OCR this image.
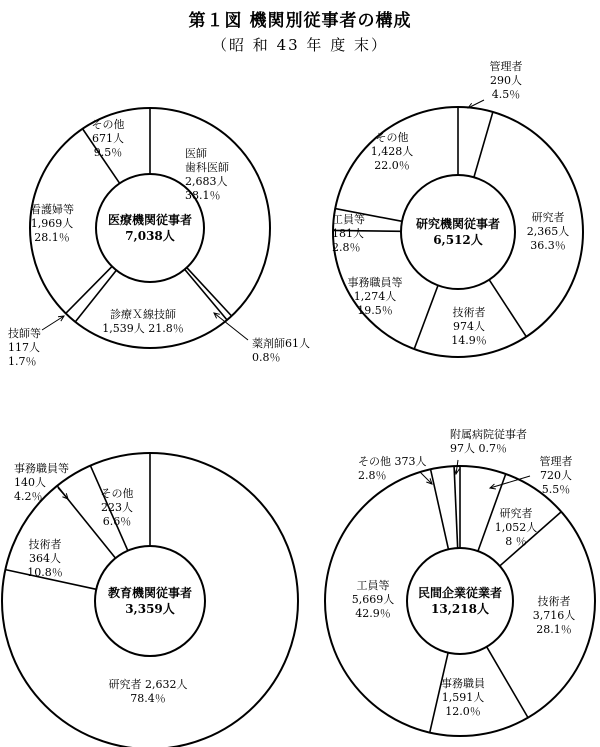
第１図 機関別従事者の構成
（昭 和 43 年 度 末）
医師歯科医師 2,683人 38.1％
薬剤師61人 0.8％
診療Ｘ線技師 1,539人 21.8％
技師等 117人 1.7％
看護婦等 1,969人 28.1％
その他 671人 9.5％
医療機関従事者 7,038人
管理者 290人 4.5％
研究者 2,365人 36.3％
技術者 974人 14.9％
事務職員等 1,274人 19.5％
工員等 181人 2.8％
その他 1,428人 22.0％
研究機関従事者 6,512人
研究者 2,632人 78.4％
技術者 364人 10.8％
事務職員等 140人 4.2％	その他 223人 6.6％
教育機関従事者 3,359人
管理者 720人 5.5％
研究者 1,052人 8 ％
技術者 3,716人 28.1％
事務職員 1,591人 12.0％
工員等 5,669人 42.9％
その他 373人 2.8％
附属病院従事者 97人 0.7％
民間企業従業者 13,218人
